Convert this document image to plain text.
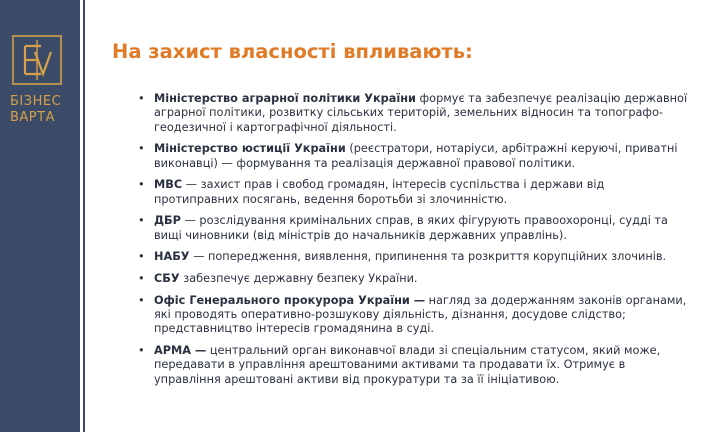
БІЗНЕС
ВАРТА
На захист власності впливають:
• Міністерство аграрної політики України формує та забезпечує реалізацію державної аграрної політики, розвитку сільських територій, земельних відносин та топографо-геодезичної і картографічної діяльності.
• Міністерство юстиції України (реєстратори, нотаріуси, арбітражні керуючі, приватні виконавці) — формування та реалізація державної правової політики.
• МВС — захист прав і свобод громадян, інтересів суспільства і держави від протиправних посягань, ведення боротьби зі злочинністю.
• ДБР — розслідування кримінальних справ, в яких фігурують правоохоронці, судді та вищі чиновники (від міністрів до начальників державних управлінь).
• НАБУ — попередження, виявлення, припинення та розкриття корупційних злочинів.
• СБУ забезпечує державну безпеку України.
• Офіс Генерального прокурора України — нагляд за додержанням законів органами, які проводять оперативно-розшукову діяльність, дізнання, досудове слідство; представництво інтересів громадянина в суді.
• АРМА — центральний орган виконавчої влади зі спеціальним статусом, який може, передавати в управління арештованими активами та продавати їх. Отримує в управління арештовані активи від прокуратури та за її ініціативою.
